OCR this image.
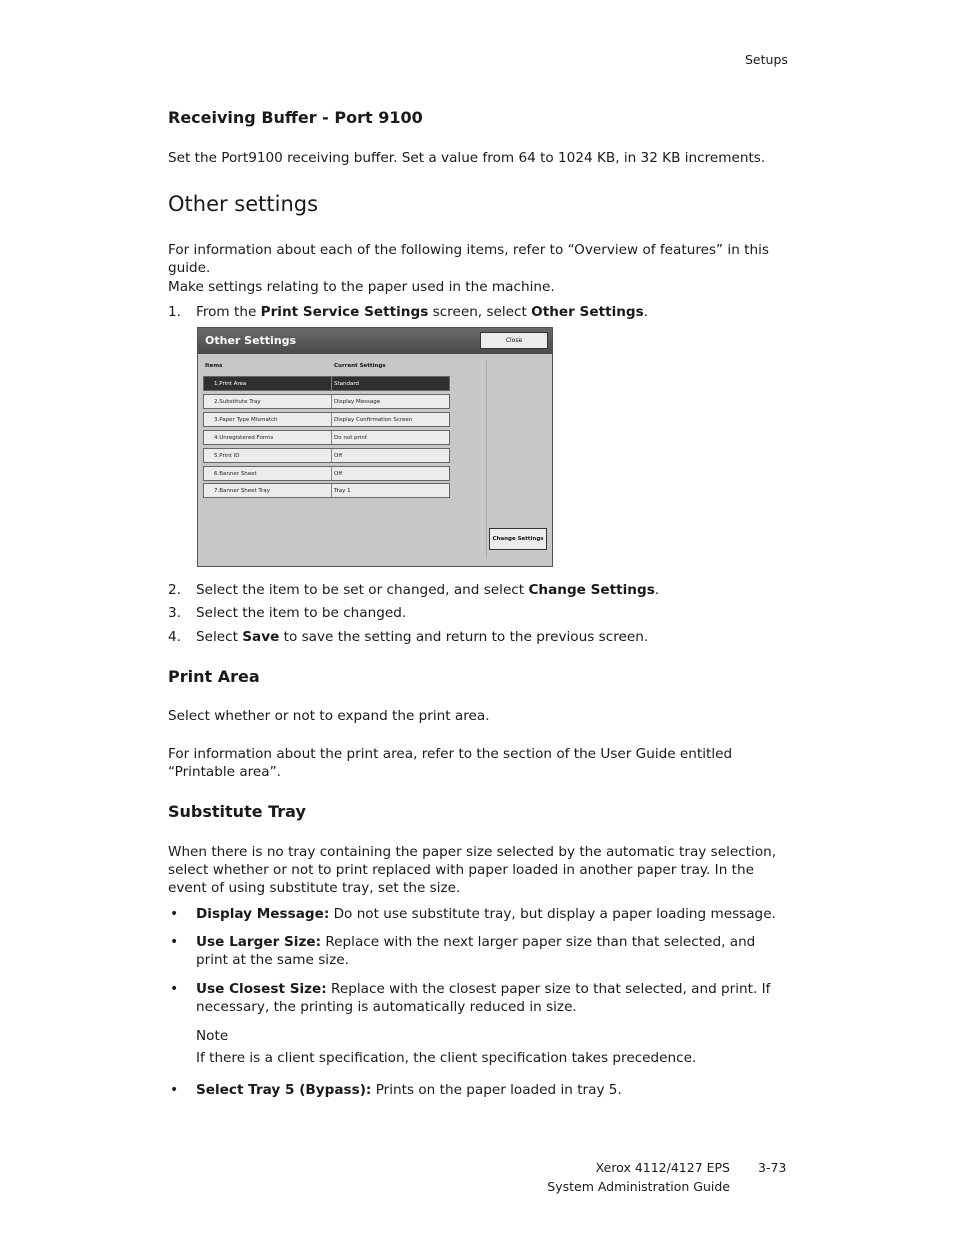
Setups
Receiving Buffer - Port 9100
Set the Port9100 receiving buffer. Set a value from 64 to 1024 KB, in 32 KB increments.
Other settings
For information about each of the following items, refer to “Overview of features” in this guide.
Make settings relating to the paper used in the machine.
1. From the Print Service Settings screen, select Other Settings.
Other Settings	Close
Items	Current Settings
1.Print Area	Standard
2.Substitute Tray	Display Message
3.Paper Type Mismatch	Display Confirmation Screen
4.Unregistered Forms	Do not print
5.Print ID	Off
6.Banner Sheet	Off
7.Banner Sheet Tray	Tray 1
Change Settings
2. Select the item to be set or changed, and select Change Settings.
3. Select the item to be changed.
4. Select Save to save the setting and return to the previous screen.
Print Area
Select whether or not to expand the print area.
For information about the print area, refer to the section of the User Guide entitled “Printable area”.
Substitute Tray
When there is no tray containing the paper size selected by the automatic tray selection, select whether or not to print replaced with paper loaded in another paper tray. In the event of using substitute tray, set the size.
• Display Message: Do not use substitute tray, but display a paper loading message.
• Use Larger Size: Replace with the next larger paper size than that selected, and print at the same size.
• Use Closest Size: Replace with the closest paper size to that selected, and print. If necessary, the printing is automatically reduced in size.
Note
If there is a client specification, the client specification takes precedence.
• Select Tray 5 (Bypass): Prints on the paper loaded in tray 5.
Xerox 4112/4127 EPS 3-73
System Administration Guide
